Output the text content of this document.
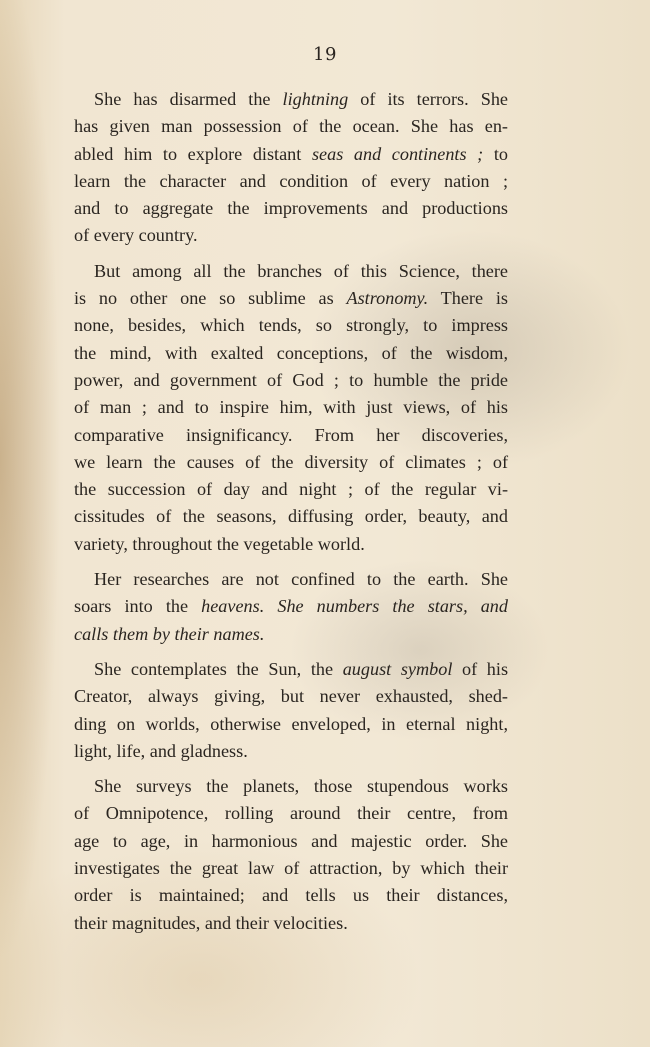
19
She has disarmed the lightning of its terrors. She
has given man possession of the ocean. She has en-
abled him to explore distant seas and continents ; to
learn the character and condition of every nation ;
and to aggregate the improvements and productions
of every country.
But among all the branches of this Science, there
is no other one so sublime as Astronomy. There is
none, besides, which tends, so strongly, to impress
the mind, with exalted conceptions, of the wisdom,
power, and government of God ; to humble the pride
of man ; and to inspire him, with just views, of his
comparative insignificancy. From her discoveries,
we learn the causes of the diversity of climates ; of
the succession of day and night ; of the regular vi-
cissitudes of the seasons, diffusing order, beauty, and
variety, throughout the vegetable world.
Her researches are not confined to the earth. She
soars into the heavens. She numbers the stars, and
calls them by their names.
She contemplates the Sun, the august symbol of his
Creator, always giving, but never exhausted, shed-
ding on worlds, otherwise enveloped, in eternal night,
light, life, and gladness.
She surveys the planets, those stupendous works
of Omnipotence, rolling around their centre, from
age to age, in harmonious and majestic order. She
investigates the great law of attraction, by which their
order is maintained; and tells us their distances,
their magnitudes, and their velocities.
